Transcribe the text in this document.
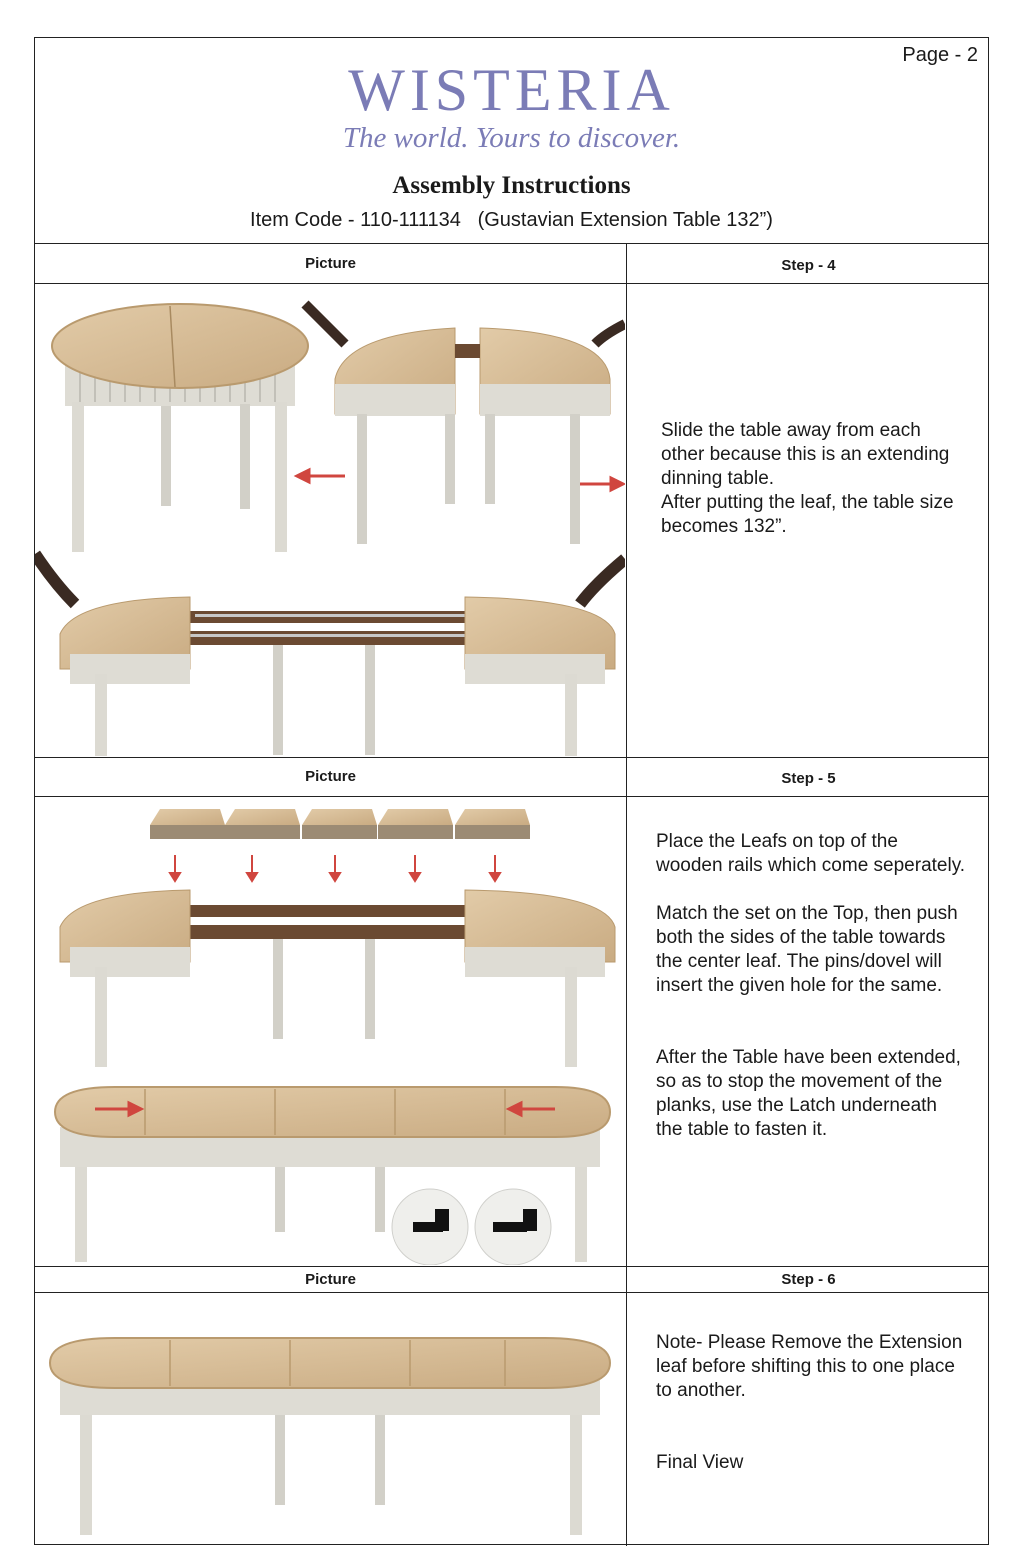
Page - 2
WISTERIA
The world. Yours to discover.
Assembly Instructions
Item Code - 110-111134   (Gustavian Extension Table 132”)
Picture	Step - 4

Slide the table away from each other because this is an extending dinning table.
After putting the leaf, the table size becomes 132”.

Picture	Step - 5

Place the Leafs on top of the wooden rails which come seperately.

Match the set on the Top, then push both the sides of the table towards the center leaf. The pins/dovel will insert the given hole for the same.

After the Table have been extended, so as to stop the movement of the planks, use the Latch underneath the table to fasten it.

Picture	Step - 6

Note- Please Remove the Extension leaf before shifting this to one place to another.

Final View
